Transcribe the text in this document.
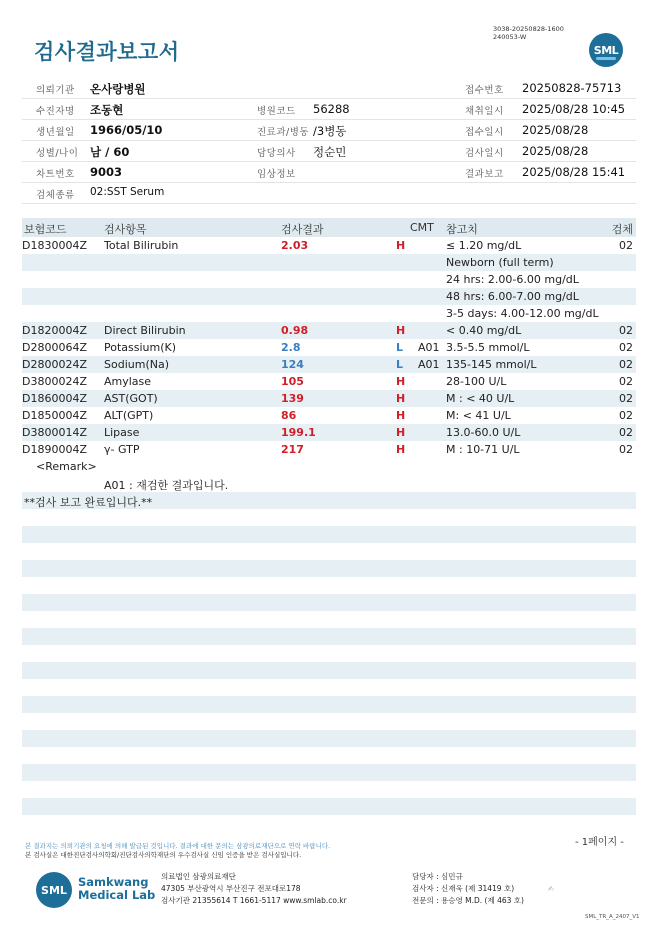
검사결과보고서
3038-20250828-1600
240053-W
SML
의뢰기관 온사랑병원	접수번호 20250828-75713
수진자명 조동현	병원코드 56288	채취일시 2025/08/28 10:45
생년월일 1966/05/10	진료과/병동 /3병동	접수일시 2025/08/28
성별/나이 남 / 60	담당의사 정순민	검사일시 2025/08/28
차트번호 9003	임상정보	결과보고 2025/08/28 15:41
검체종류 02:SST Serum
보험코드	검사항목	검사결과	CMT 참고치	검체
D1830004Z Total Bilirubin	2.03	H	≤ 1.20 mg/dL	02
Newborn (full term)
24 hrs: 2.00-6.00 mg/dL
48 hrs: 6.00-7.00 mg/dL
3-5 days: 4.00-12.00 mg/dL
D1820004Z Direct Bilirubin	0.98	H	< 0.40 mg/dL	02
D2800064Z Potassium(K)	2.8	L A01 3.5-5.5 mmol/L	02
D2800024Z Sodium(Na)	124	L A01 135-145 mmol/L	02
D3800024Z Amylase	105	H	28-100 U/L	02
D1860004Z AST(GOT)	139	H	M : < 40 U/L	02
D1850004Z ALT(GPT)	86	H	M: < 41 U/L	02
D3800014Z Lipase	199.1	H	13.0-60.0 U/L	02
D1890004Z γ- GTP	217	H	M : 10-71 U/L	02
<Remark>
A01 : 재검한 결과입니다.
**검사 보고 완료입니다.**
본 결과지는 의뢰기관의 요청에 의해 발급된 것입니다. 결과에 대한 문의는 삼광의료재단으로 연락 바랍니다.
본 검사실은 대한진단검사의학회/진단검사의학재단의 우수검사실 신임 인증을 받은 검사실입니다.
- 1페이지 -
SML
Samkwang
Medical Lab
의료법인 삼광의료재단
47305 부산광역시 부산진구 전포대로178
검사기관 21355614 T 1661-5117 www.smlab.co.kr
담당자 : 심민규
검사자 : 신재욱 (제 31419 호)
전문의 : 용승영 M.D. (제 463 호)
✍
SML_TR_A_2407_V1
